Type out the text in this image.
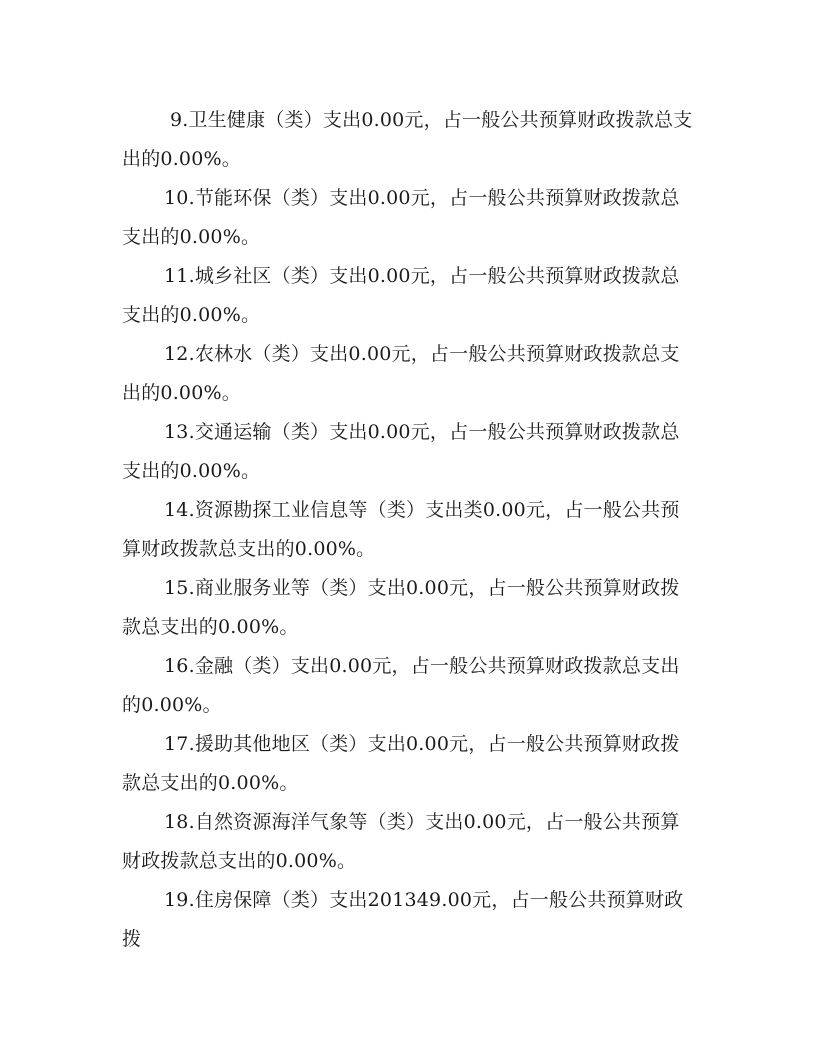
9.卫生健康（类）支出0.00元，占一般公共预算财政拨款总支出的0.00%。

10.节能环保（类）支出0.00元，占一般公共预算财政拨款总支出的0.00%。

11.城乡社区（类）支出0.00元，占一般公共预算财政拨款总支出的0.00%。

12.农林水（类）支出0.00元，占一般公共预算财政拨款总支出的0.00%。

13.交通运输（类）支出0.00元，占一般公共预算财政拨款总支出的0.00%。

14.资源勘探工业信息等（类）支出类0.00元，占一般公共预算财政拨款总支出的0.00%。

15.商业服务业等（类）支出0.00元，占一般公共预算财政拨款总支出的0.00%。

16.金融（类）支出0.00元，占一般公共预算财政拨款总支出的0.00%。

17.援助其他地区（类）支出0.00元，占一般公共预算财政拨款总支出的0.00%。

18.自然资源海洋气象等（类）支出0.00元，占一般公共预算财政拨款总支出的0.00%。

19.住房保障（类）支出201349.00元，占一般公共预算财政拨
